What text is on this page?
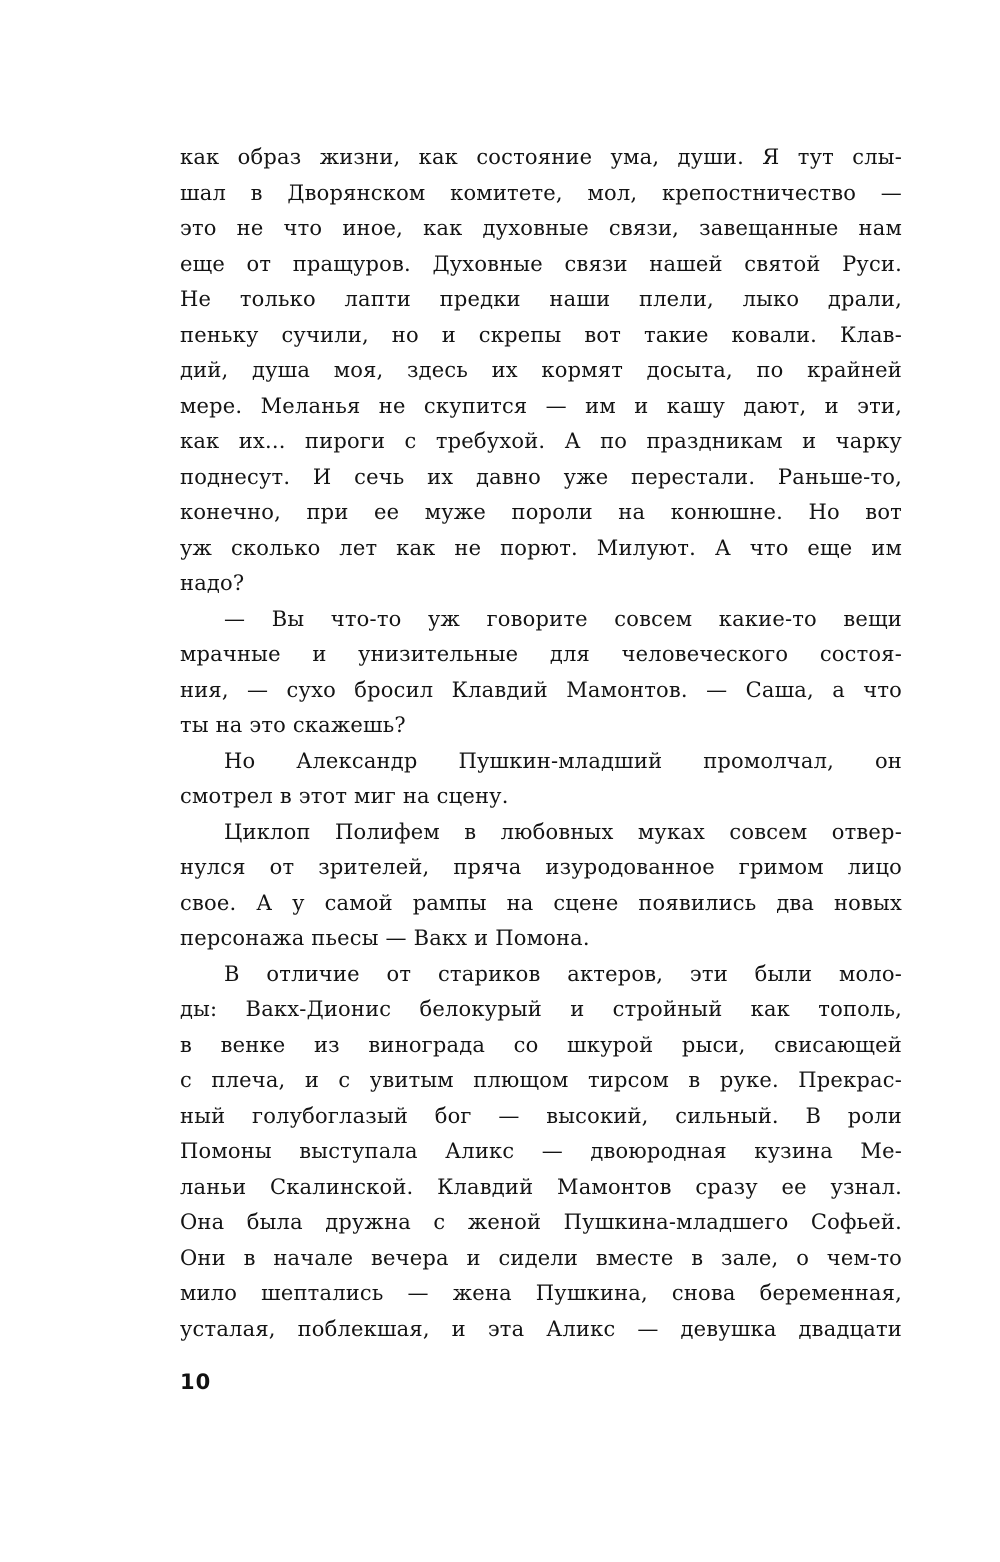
как образ жизни, как состояние ума, души. Я тут слы-
шал в Дворянском комитете, мол, крепостничество —
это не что иное, как духовные связи, завещанные нам
еще от пращуров. Духовные связи нашей святой Руси.
Не только лапти предки наши плели, лыко драли,
пеньку сучили, но и скрепы вот такие ковали. Клав-
дий, душа моя, здесь их кормят досыта, по крайней
мере. Меланья не скупится — им и кашу дают, и эти,
как их... пироги с требухой. А по праздникам и чарку
поднесут. И сечь их давно уже перестали. Раньше-то,
конечно, при ее муже пороли на конюшне. Но вот
уж сколько лет как не порют. Милуют. А что еще им
надо?
— Вы что-то уж говорите совсем какие-то вещи
мрачные и унизительные для человеческого состоя-
ния, — сухо бросил Клавдий Мамонтов. — Саша, а что
ты на это скажешь?
Но Александр Пушкин-младший промолчал, он
смотрел в этот миг на сцену.
Циклоп Полифем в любовных муках совсем отвер-
нулся от зрителей, пряча изуродованное гримом лицо
свое. А у самой рампы на сцене появились два новых
персонажа пьесы — Вакх и Помона.
В отличие от стариков актеров, эти были моло-
ды: Вакх-Дионис белокурый и стройный как тополь,
в венке из винограда со шкурой рыси, свисающей
с плеча, и с увитым плющом тирсом в руке. Прекрас-
ный голубоглазый бог — высокий, сильный. В роли
Помоны выступала Аликс — двоюродная кузина Ме-
ланьи Скалинской. Клавдий Мамонтов сразу ее узнал.
Она была дружна с женой Пушкина-младшего Софьей.
Они в начале вечера и сидели вместе в зале, о чем-то
мило шептались — жена Пушкина, снова беременная,
усталая, поблекшая, и эта Аликс — девушка двадцати
10
